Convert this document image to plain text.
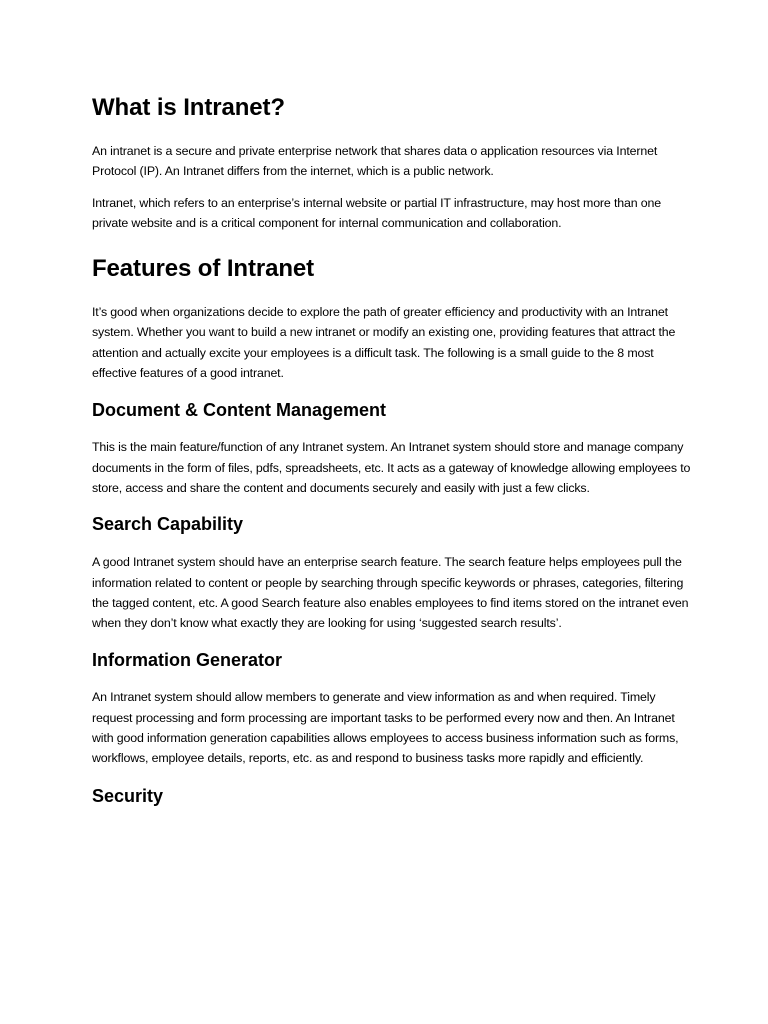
What is Intranet?

An intranet is a secure and private enterprise network that shares data o application resources via Internet Protocol (IP). An Intranet differs from the internet, which is a public network.

Intranet, which refers to an enterprise’s internal website or partial IT infrastructure, may host more than one private website and is a critical component for internal communication and collaboration.

Features of Intranet

It’s good when organizations decide to explore the path of greater efficiency and productivity with an Intranet system. Whether you want to build a new intranet or modify an existing one, providing features that attract the attention and actually excite your employees is a difficult task. The following is a small guide to the 8 most effective features of a good intranet.

Document & Content Management

This is the main feature/function of any Intranet system. An Intranet system should store and manage company documents in the form of files, pdfs, spreadsheets, etc. It acts as a gateway of knowledge allowing employees to store, access and share the content and documents securely and easily with just a few clicks.

Search Capability

A good Intranet system should have an enterprise search feature. The search feature helps employees pull the information related to content or people by searching through specific keywords or phrases, categories, filtering the tagged content, etc. A good Search feature also enables employees to find items stored on the intranet even when they don’t know what exactly they are looking for using ‘suggested search results’.

Information Generator

An Intranet system should allow members to generate and view information as and when required. Timely request processing and form processing are important tasks to be performed every now and then. An Intranet with good information generation capabilities allows employees to access business information such as forms, workflows, employee details, reports, etc. as and respond to business tasks more rapidly and efficiently.

Security
